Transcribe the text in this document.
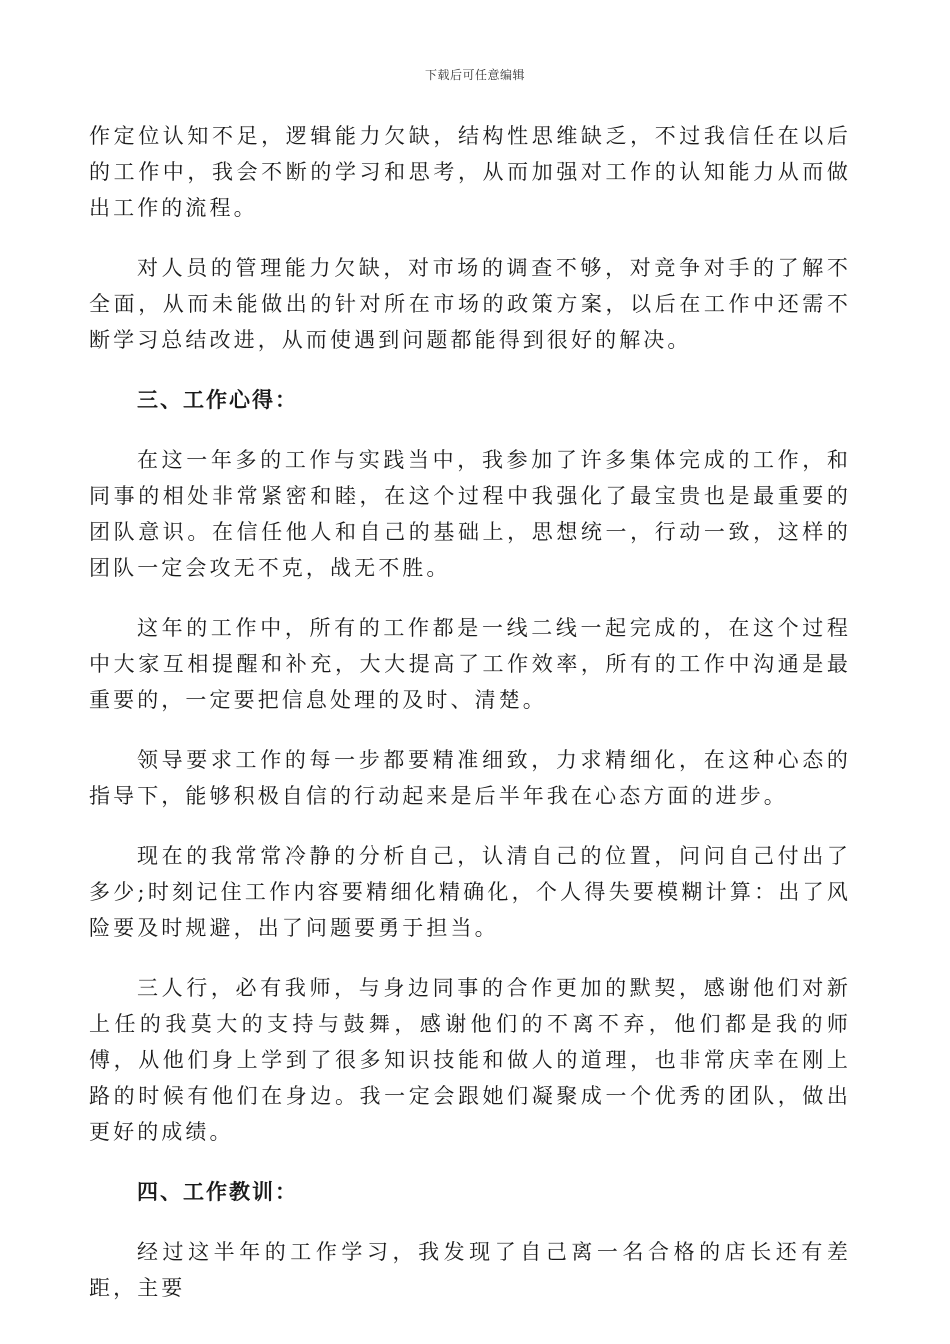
下载后可任意编辑

作定位认知不足，逻辑能力欠缺，结构性思维缺乏，不过我信任在以后的工作中，我会不断的学习和思考，从而加强对工作的认知能力从而做出工作的流程。

对人员的管理能力欠缺，对市场的调查不够，对竞争对手的了解不全面，从而未能做出的针对所在市场的政策方案，以后在工作中还需不断学习总结改进，从而使遇到问题都能得到很好的解决。

三、工作心得：

在这一年多的工作与实践当中，我参加了许多集体完成的工作，和同事的相处非常紧密和睦，在这个过程中我强化了最宝贵也是最重要的团队意识。在信任他人和自己的基础上，思想统一，行动一致，这样的团队一定会攻无不克，战无不胜。

这年的工作中，所有的工作都是一线二线一起完成的，在这个过程中大家互相提醒和补充，大大提高了工作效率，所有的工作中沟通是最重要的，一定要把信息处理的及时、清楚。

领导要求工作的每一步都要精准细致，力求精细化，在这种心态的指导下，能够积极自信的行动起来是后半年我在心态方面的进步。

现在的我常常冷静的分析自己，认清自己的位置，问问自己付出了多少;时刻记住工作内容要精细化精确化，个人得失要模糊计算：出了风险要及时规避，出了问题要勇于担当。

三人行，必有我师，与身边同事的合作更加的默契，感谢他们对新上任的我莫大的支持与鼓舞，感谢他们的不离不弃，他们都是我的师傅，从他们身上学到了很多知识技能和做人的道理，也非常庆幸在刚上路的时候有他们在身边。我一定会跟她们凝聚成一个优秀的团队，做出更好的成绩。

四、工作教训：

经过这半年的工作学习，我发现了自己离一名合格的店长还有差距，主要
